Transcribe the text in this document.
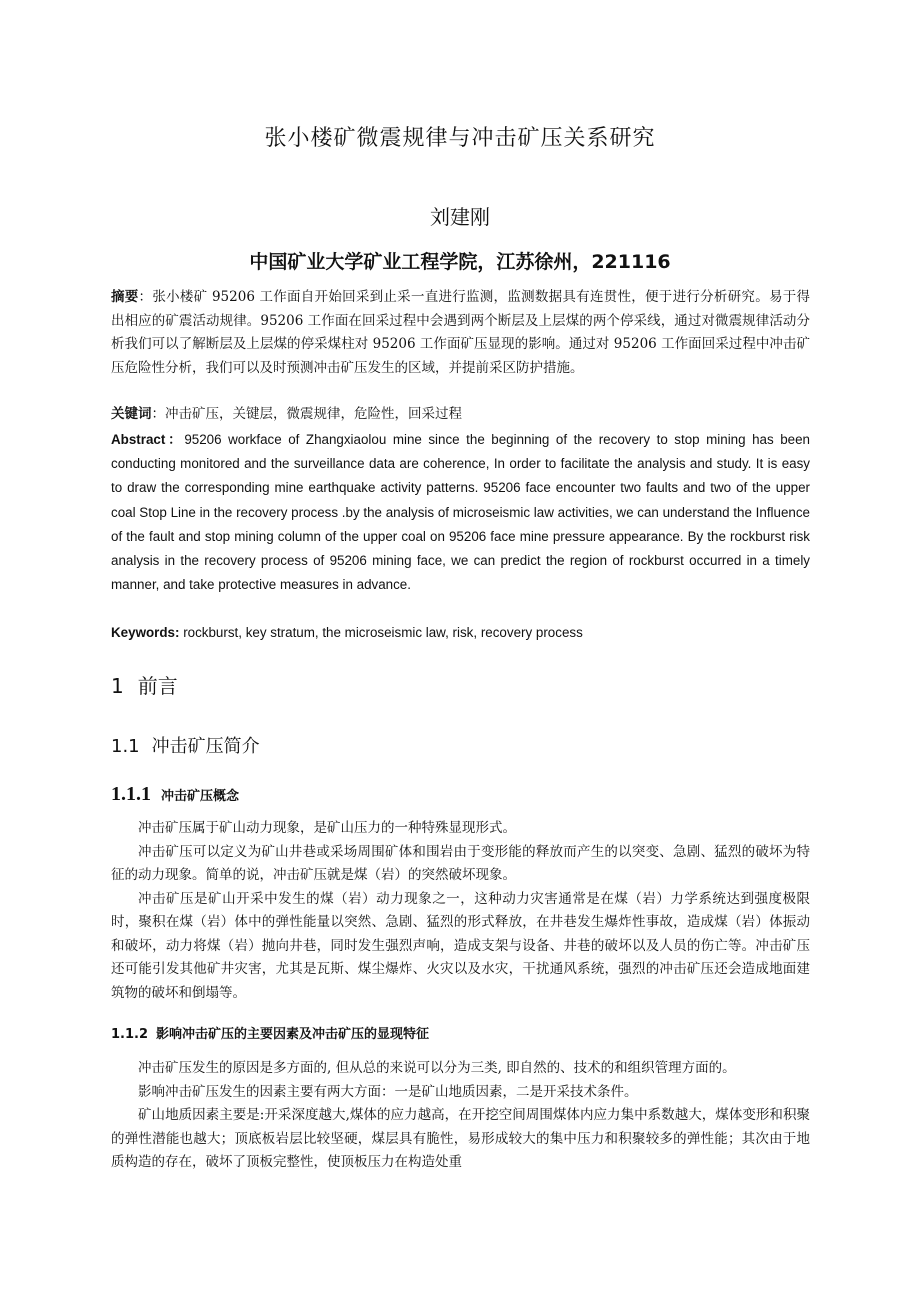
张小楼矿微震规律与冲击矿压关系研究
刘建刚
中国矿业大学矿业工程学院，江苏徐州，221116

摘要：张小楼矿 95206 工作面自开始回采到止采一直进行监测，监测数据具有连贯性，便于进行分析研究。易于得出相应的矿震活动规律。95206 工作面在回采过程中会遇到两个断层及上层煤的两个停采线，通过对微震规律活动分析我们可以了解断层及上层煤的停采煤柱对 95206 工作面矿压显现的影响。通过对 95206 工作面回采过程中冲击矿压危险性分析，我们可以及时预测冲击矿压发生的区域，并提前采区防护措施。

关键词：冲击矿压，关键层，微震规律，危险性，回采过程

Abstract：95206 workface of Zhangxiaolou mine since the beginning of the recovery to stop mining has been conducting monitored and the surveillance data are coherence, In order to facilitate the analysis and study. It is easy to draw the corresponding mine earthquake activity patterns. 95206 face encounter two faults and two of the upper coal Stop Line in the recovery process .by the analysis of microseismic law activities, we can understand the Influence of the fault and stop mining column of the upper coal on 95206 face mine pressure appearance. By the rockburst risk analysis in the recovery process of 95206 mining face, we can predict the region of rockburst occurred in a timely manner, and take protective measures in advance.

Keywords: rockburst, key stratum, the microseismic law, risk, recovery process

1 前言
1.1 冲击矿压简介
1.1.1 冲击矿压概念

冲击矿压属于矿山动力现象，是矿山压力的一种特殊显现形式。

冲击矿压可以定义为矿山井巷或采场周围矿体和围岩由于变形能的释放而产生的以突变、急剧、猛烈的破坏为特征的动力现象。简单的说，冲击矿压就是煤（岩）的突然破坏现象。

冲击矿压是矿山开采中发生的煤（岩）动力现象之一，这种动力灾害通常是在煤（岩）力学系统达到强度极限时，聚积在煤（岩）体中的弹性能量以突然、急剧、猛烈的形式释放，在井巷发生爆炸性事故，造成煤（岩）体振动和破坏，动力将煤（岩）抛向井巷，同时发生强烈声响，造成支架与设备、井巷的破坏以及人员的伤亡等。冲击矿压还可能引发其他矿井灾害，尤其是瓦斯、煤尘爆炸、火灾以及水灾，干扰通风系统，强烈的冲击矿压还会造成地面建筑物的破坏和倒塌等。

1.1.2 影响冲击矿压的主要因素及冲击矿压的显现特征

冲击矿压发生的原因是多方面的, 但从总的来说可以分为三类, 即自然的、技术的和组织管理方面的。

影响冲击矿压发生的因素主要有两大方面：一是矿山地质因素，二是开采技术条件。

矿山地质因素主要是:开采深度越大,煤体的应力越高，在开挖空间周围煤体内应力集中系数越大，煤体变形和积聚的弹性潜能也越大；顶底板岩层比较坚硬，煤层具有脆性，易形成较大的集中压力和积聚较多的弹性能；其次由于地质构造的存在，破坏了顶板完整性，使顶板压力在构造处重
